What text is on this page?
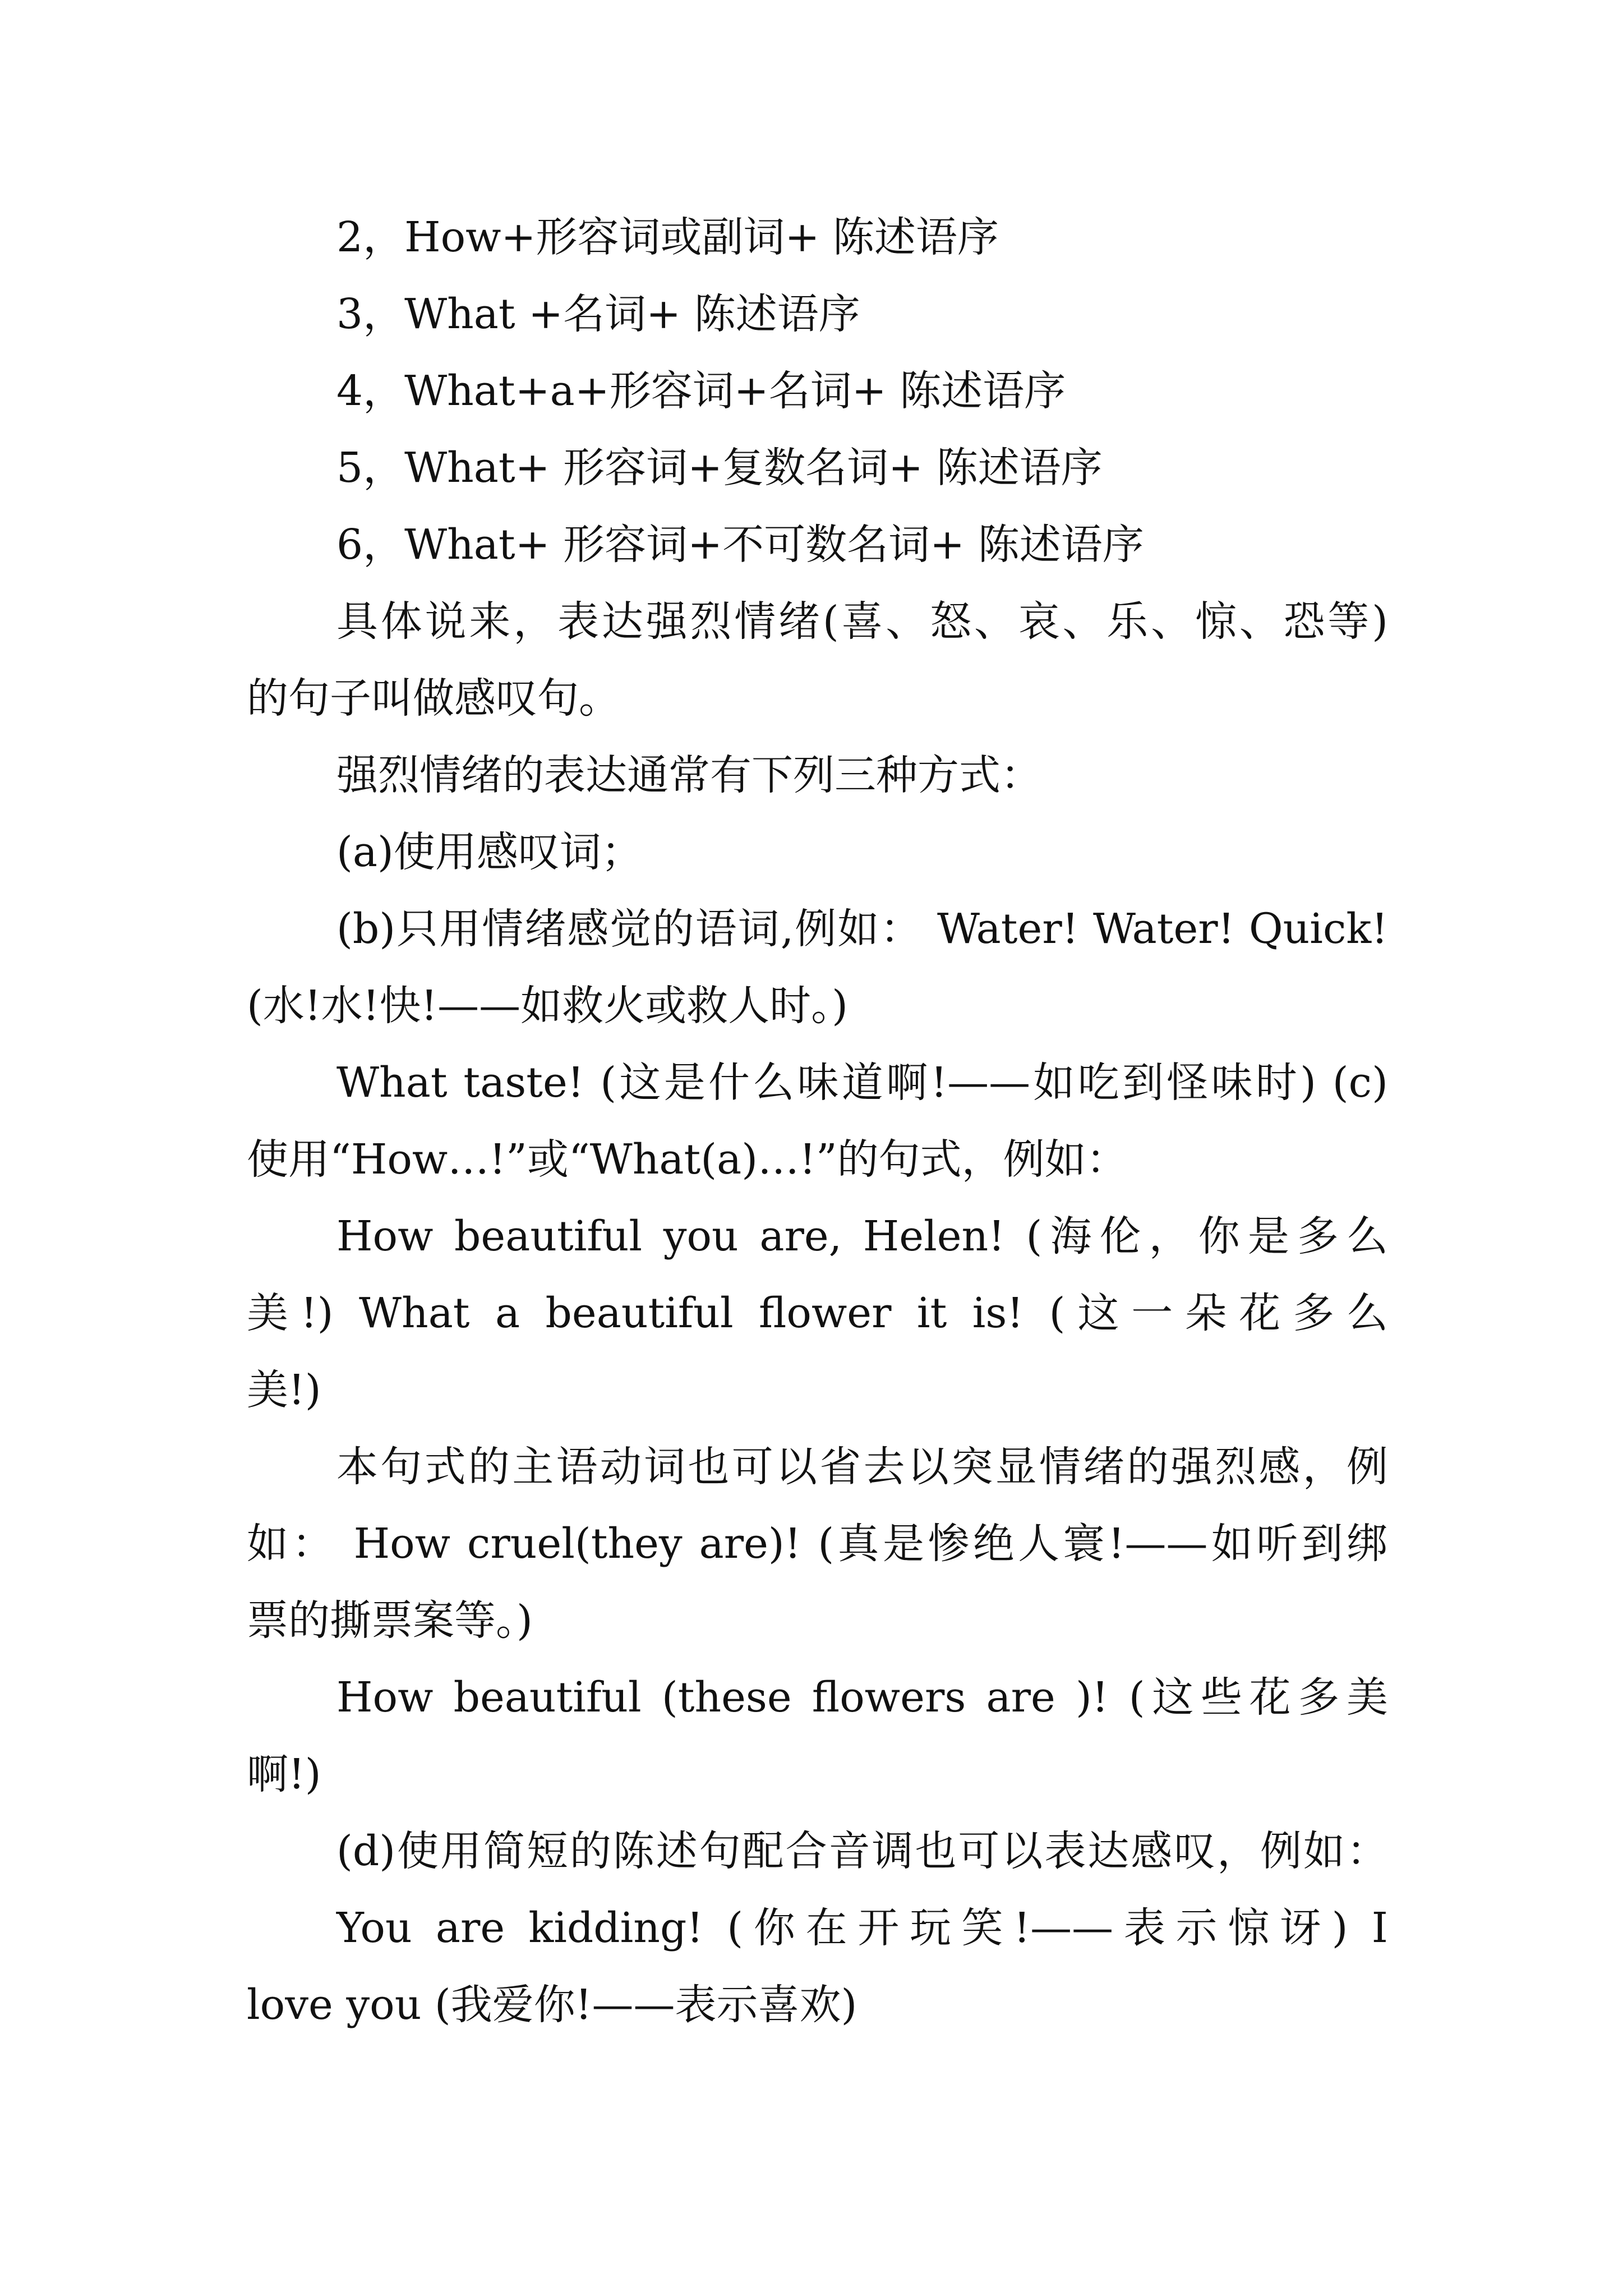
2，How+形容词或副词+ 陈述语序
3，What +名词+ 陈述语序
4，What+a+形容词+名词+ 陈述语序
5，What+ 形容词+复数名词+ 陈述语序
6，What+ 形容词+不可数名词+ 陈述语序
具体说来，表达强烈情绪(喜、怒、哀、乐、惊、恐等)
的句子叫做感叹句。
强烈情绪的表达通常有下列三种方式：
(a)使用感叹词；
(b)只用情绪感觉的语词,例如： Water! Water! Quick!
(水!水!快!——如救火或救人时。)
What taste! (这是什么味道啊!——如吃到怪味时) (c)
使用“How…!”或“What(a)…!”的句式，例如：
How beautiful you are, Helen! (海伦，你是多么
美!) What a beautiful flower it is! (这一朵花多么
美!)
本句式的主语动词也可以省去以突显情绪的强烈感，例
如： How cruel(they are)! (真是惨绝人寰!——如听到绑
票的撕票案等。)
How beautiful (these flowers are )! (这些花多美
啊!)
(d)使用简短的陈述句配合音调也可以表达感叹，例如：
You are kidding! (你在开玩笑!——表示惊讶) I
love you (我爱你!——表示喜欢)
